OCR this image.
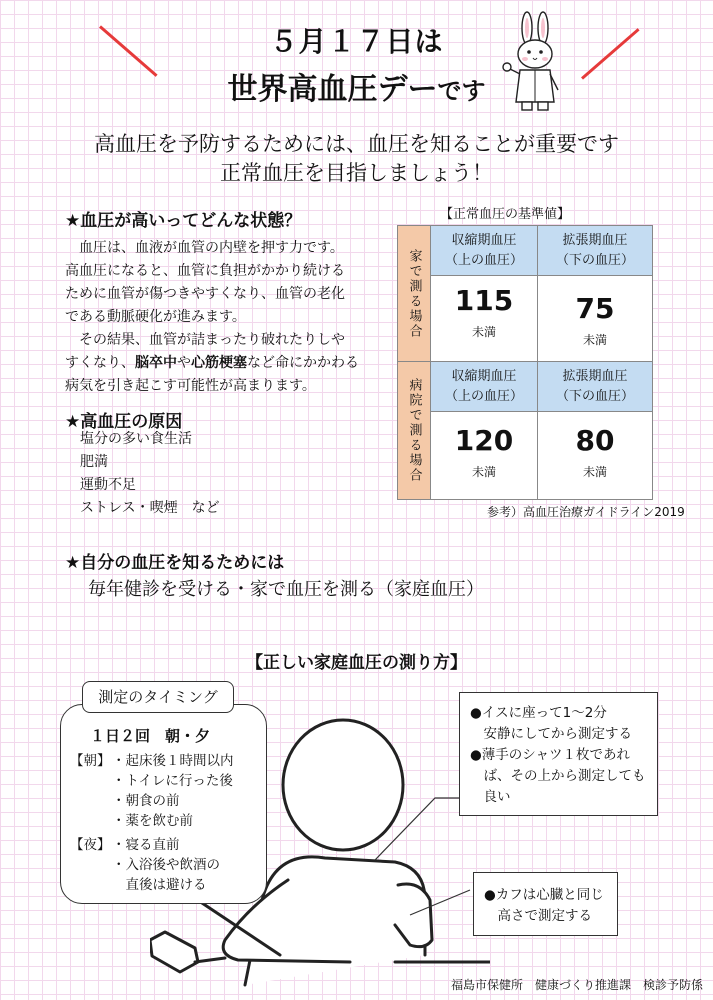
５月１７日は
世界高血圧デーです
高血圧を予防するためには、血圧を知ることが重要です
正常血圧を目指しましょう！
★血圧が高いってどんな状態？
血圧は、血液が血管の内壁を押す力です。
高血圧になると、血管に負担がかかり続ける
ために血管が傷つきやすくなり、血管の老化
である動脈硬化が進みます。
その結果、血管が詰まったり破れたりしや
すくなり、脳卒中や心筋梗塞など命にかかわる
病気を引き起こす可能性が高まります。
★高血圧の原因
塩分の多い食生活
肥満
運動不足
ストレス・喫煙　など
【正常血圧の基準値】
家で測る場合
病院で測る場合
収縮期血圧
（上の血圧）
拡張期血圧
（下の血圧）
115
未満
75
未満
収縮期血圧
（上の血圧）
拡張期血圧
（下の血圧）
120
未満
80
未満
参考）高血圧治療ガイドライン2019
★自分の血圧を知るためには
毎年健診を受ける・家で血圧を測る（家庭血圧）
【正しい家庭血圧の測り方】
測定のタイミング
１日２回　朝・夕
【朝】 ・起床後１時間以内
・トイレに行った後
・朝食の前
・薬を飲む前
【夜】 ・寝る直前
・入浴後や飲酒の
　直後は避ける
●イスに座って1～2分
　安静にしてから測定する
●薄手のシャツ１枚であれ
　ば、その上から測定しても
　良い
●カフは心臓と同じ
　高さで測定する
福島市保健所　健康づくり推進課　検診予防係
